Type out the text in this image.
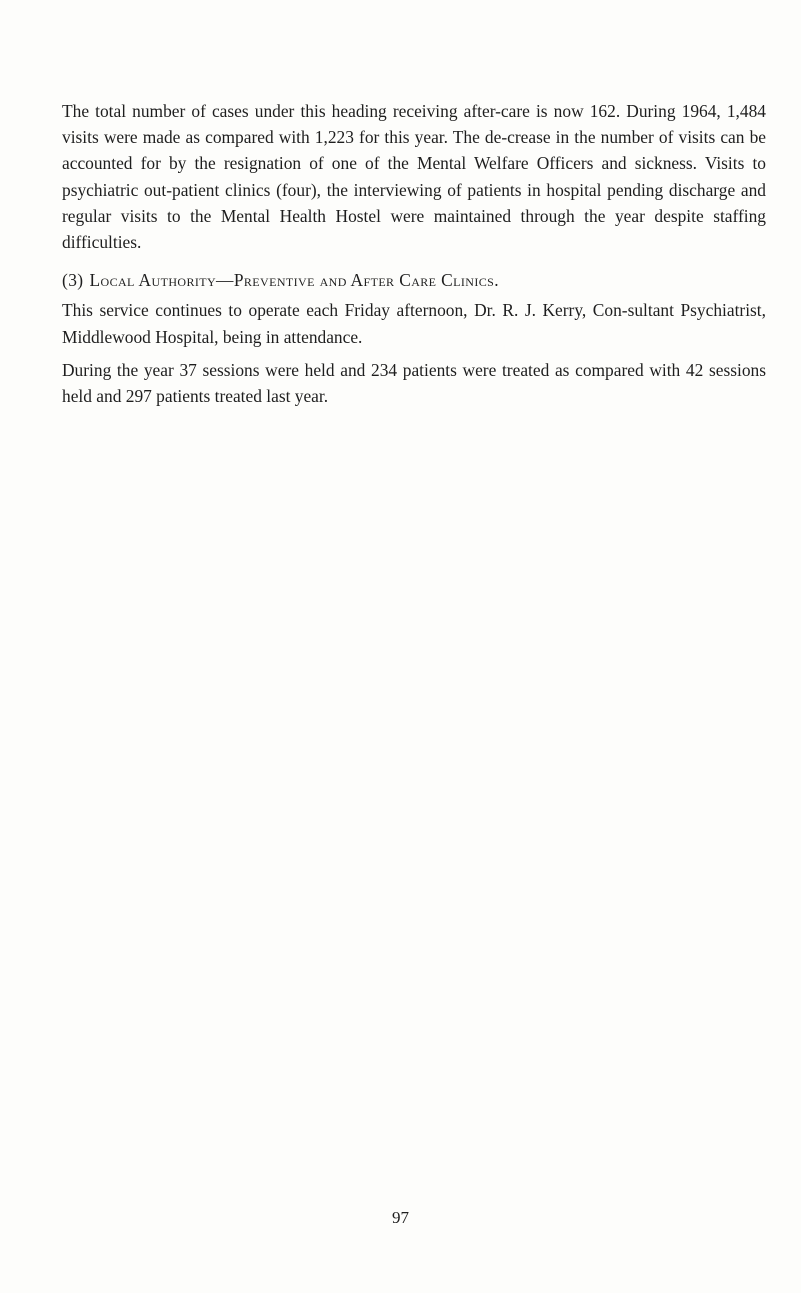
The total number of cases under this heading receiving after-care is now 162. During 1964, 1,484 visits were made as compared with 1,223 for this year. The de-crease in the number of visits can be accounted for by the resignation of one of the Mental Welfare Officers and sickness. Visits to psychiatric out-patient clinics (four), the interviewing of patients in hospital pending discharge and regular visits to the Mental Health Hostel were maintained through the year despite staffing difficulties.

(3) Local Authority—Preventive and After Care Clinics.

This service continues to operate each Friday afternoon, Dr. R. J. Kerry, Con-sultant Psychiatrist, Middlewood Hospital, being in attendance.

During the year 37 sessions were held and 234 patients were treated as compared with 42 sessions held and 297 patients treated last year.

97
